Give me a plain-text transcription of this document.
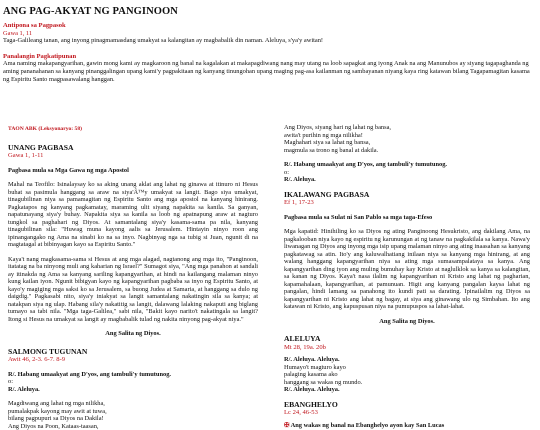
ANG PAG-AKYAT NG PANGINOON
Antipona sa Pagpasok
Gawa 1, 11
Taga-Galileang tanan, ang inyong pinagmamasdang umakyat sa kalangitan ay magbabalik din naman. Aleluya, s'ya'y awitan!
Panalangin Pagkatipunan
Ama naming makapangyarihan, gawin mong kami ay magkaroon ng banal na kagalakan at makapagdiwang nang may utang na loob sapagkat ang iyong Anak na ang Manunubos ay siyang tagapaghanda ng aming pananahanan sa kanyang pinanggalingan upang kami'y pagpakitaan ng kanyang tinungohan upang maging pag-asa kailanman ng sambayanan niyang kaya ring katawan bilang Tagapamagitan kasama ng Espiritu Santo magpasawalang hanggan.
TAON ABK (Leksyonaryo: 58)
UNANG PAGBASA
Gawa 1, 1-11
Pagbasa mula sa Mga Gawa ng mga Apostol
Mahal na Teofilo: Isinalaysay ko sa aking unang aklat ang lahat ng ginawa at itinuro ni Hesus buhat sa pasimula hanggang sa araw na siya'Â™y umakyat sa langit. Bago siya umakyat, tinagubilinan niya sa pamamagitan ng Espiritu Santo ang mga apostol na kanyang hinirang. Pagkatapos ng kanyang pagkamatay, maraming ulit siyang napakita sa kanila. Sa ganyan, napatunayang siya'y buhay. Napakita siya sa kanila sa loob ng apatnapung araw at nagturo tungkol sa paghahari ng Diyos. At samantalang siya'y kasama-sama pa nila, kanyang tinagubilinan sila: "Huwag muna kayong aalis sa Jerusalem. Hintayin ninyo roon ang ipinangangako ng Ama na sinabi ko na sa inyo. Nagbinyag nga sa tubig si Juan, ngunit di na magtatagal at bibinyagan kayo sa Espiritu Santo."
Kaya't nang magkasama-sama si Hesus at ang mga alagad, nagtanong ang mga ito, "Panginoon, itatatag na ba ninyong muli ang kaharian ng Israel?" Sumagot siya, "Ang mga panahon at sandali ay itinakda ng Ama sa kanyang sariling kapangyarihan, at hindi na kailangang malaman ninyo kung kailan iyon. Ngunit bibigyan kayo ng kapangyarihan pagbaba sa inyo ng Espiritu Santo, at kayo'y magiging mga saksi ko sa Jerusalem, sa buong Judea at Samaria, at hanggang sa dulo ng daigdig." Pagkasabi nito, siya'y iniakyat sa langit samantalang nakatingin sila sa kanya; at natakpan siya ng ulap. Habang sila'y nakatitig sa langit, dalawang lalaking nakaputi ang biglang tumayo sa tabi nila. "Mga taga-Galilea," sabi nila, "Bakit kayo narito't nakatingala sa langit? Itong si Hesus na umakyat sa langit ay magbabalik tulad ng nakita ninyong pag-akyat niya."
Ang Salita ng Diyos.
SALMONG TUGUNAN
Awit 46, 2-3. 6-7. 8-9
R/. Habang umaakyat ang D'yos, ang tambuli'y tumutunog.
o:
R/. Aleluya.
Magdiwang ang lahat ng mga nilikha,
pumalakpak kayong may awit at tuwa,
bilang pagpupuri sa Diyos na Dakila!
Ang Diyos na Poon, Kataas-taasan,
Ang Diyos, siyang hari ng lahat ng bansa,
awita't purihin ng mga nilikha!
Maghahari siya sa lahat ng bansa,
magmula sa trono ng banal at dakila.
R/. Habang umaakyat ang D'yos, ang tambuli'y tumutunog.
o:
R/. Aleluya.
IKALAWANG PAGBASA
Ef 1, 17-23
Pagbasa mula sa Sulat ni San Pablo sa mga taga-Efeso
Mga kapatid: Hinihiling ko sa Diyos ng ating Panginoong Hesukristo, ang dakilang Ama, na pagkalooban niya kayo ng espiritu ng karunungan at ng tanaw na pagkakilala sa kanya. Nawa'y liwanagan ng Diyos ang inyong mga isip upang malaman ninyo ang ating inaasahan sa kanyang pagkatawag sa atin. Ito'y ang kaluwalhatiang inilaan niya sa kanyang mga hinirang, at ang walang hanggang kapangyarihan niya sa ating mga sumasampalataya sa kanya. Ang kapangyarihan ding iyon ang muling bumuhay kay Kristo at naglulklok sa kanya sa kalangitan, sa kanan ng Diyos. Kaya't nasa ilalim ng kapangyarihan ni Kristo ang lahat ng pagharian, kapamahalaan, kapangyarihan, at pamunuan. Higit ang kanyang pangalan kaysa lahat ng pangalan, hindi lamang sa panahong ito kundi pati sa darating. Ipinailalim ng Diyos sa kapangyarihan ni Kristo ang lahat ng bagay, at siya ang ginawang ulo ng Simbahan. Ito ang katawan ni Kristo, ang kapuspusan niya na pumupuspos sa lahat-lahat.
Ang Salita ng Diyos.
ALELUYA
Mt 28, 19a. 20b
R/. Aleluya. Aleluya.
Humayo't magturo kayo
palaging kasama ako
hanggang sa wakas ng mundo.
R/. Aleluya. Aleluya.
EBANGHELYO
Lc 24, 46-53
✠ Ang wakas ng banal na Ebanghelyo ayon kay San Lucas
